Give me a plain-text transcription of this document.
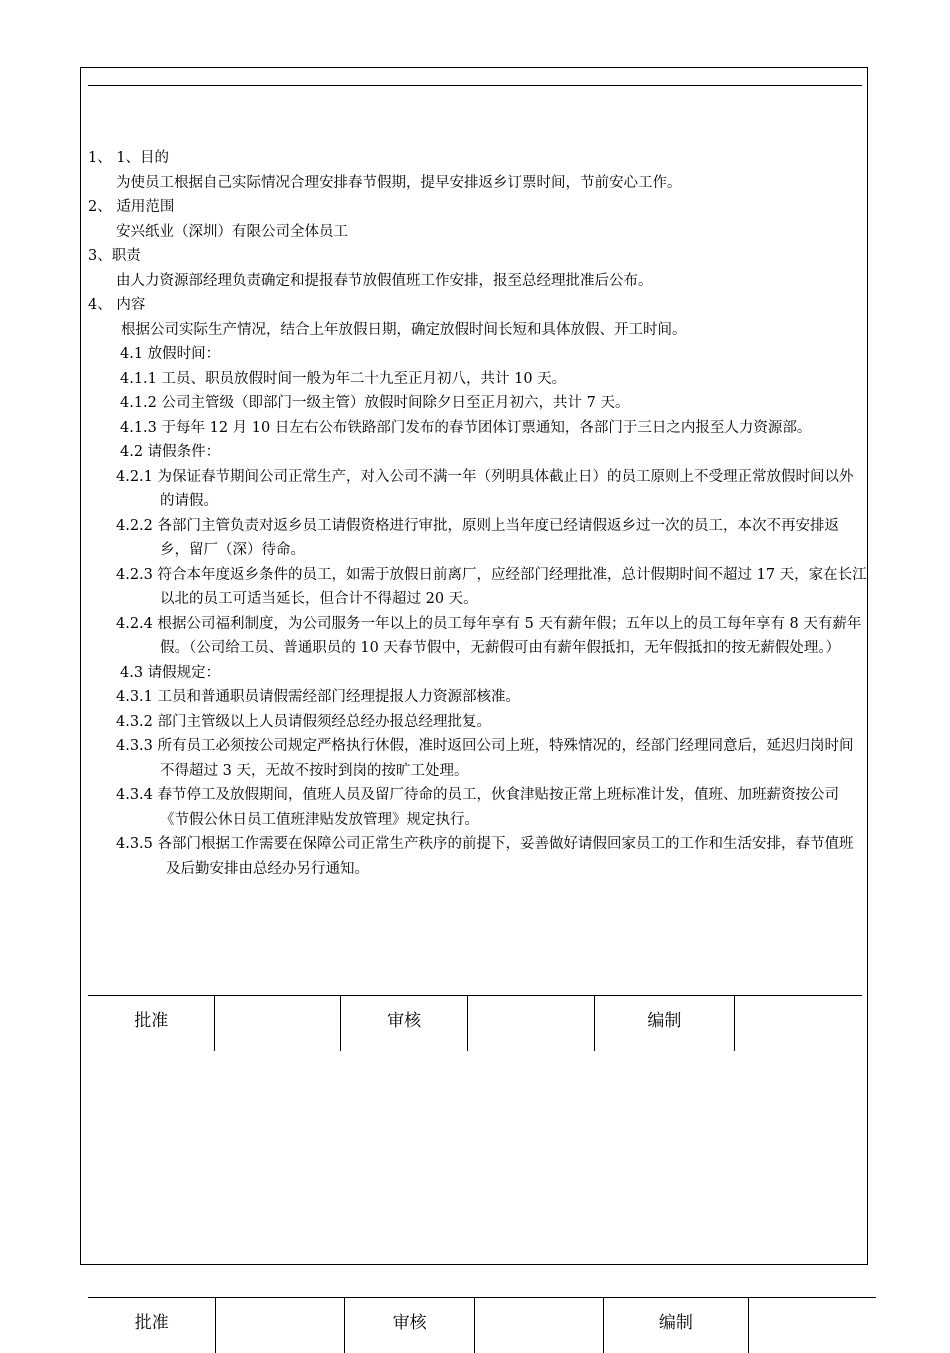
1、 1、目的
为使员工根据自己实际情况合理安排春节假期，提早安排返乡订票时间，节前安心工作。
2、 适用范围
安兴纸业（深圳）有限公司全体员工
3、职责
由人力资源部经理负责确定和提报春节放假值班工作安排，报至总经理批准后公布。
4、 内容
根据公司实际生产情况，结合上年放假日期，确定放假时间长短和具体放假、开工时间。
4.1 放假时间：
4.1.1 工员、职员放假时间一般为年二十九至正月初八，共计 10 天。
4.1.2 公司主管级（即部门一级主管）放假时间除夕日至正月初六，共计 7 天。
4.1.3 于每年 12 月 10 日左右公布铁路部门发布的春节团体订票通知，各部门于三日之内报至人力资源部。
4.2 请假条件：
4.2.1 为保证春节期间公司正常生产，对入公司不满一年（列明具体截止日）的员工原则上不受理正常放假时间以外的请假。
4.2.2 各部门主管负责对返乡员工请假资格进行审批，原则上当年度已经请假返乡过一次的员工，本次不再安排返乡，留厂（深）待命。
4.2.3 符合本年度返乡条件的员工，如需于放假日前离厂，应经部门经理批准，总计假期时间不超过 17 天，家在长江以北的员工可适当延长，但合计不得超过 20 天。
4.2.4 根据公司福利制度，为公司服务一年以上的员工每年享有 5 天有薪年假；五年以上的员工每年享有 8 天有薪年假。（公司给工员、普通职员的 10 天春节假中，无薪假可由有薪年假抵扣，无年假抵扣的按无薪假处理。）
4.3 请假规定：
4.3.1 工员和普通职员请假需经部门经理提报人力资源部核准。
4.3.2 部门主管级以上人员请假须经总经办报总经理批复。
4.3.3 所有员工必须按公司规定严格执行休假，准时返回公司上班，特殊情况的，经部门经理同意后，延迟归岗时间不得超过 3 天，无故不按时到岗的按旷工处理。
4.3.4 春节停工及放假期间，值班人员及留厂待命的员工，伙食津贴按正常上班标准计发，值班、加班薪资按公司《节假公休日员工值班津贴发放管理》规定执行。
4.3.5 各部门根据工作需要在保障公司正常生产秩序的前提下，妥善做好请假回家员工的工作和生活安排，春节值班及后勤安排由总经办另行通知。
批准		审核		编制	
批准		审核		编制	
